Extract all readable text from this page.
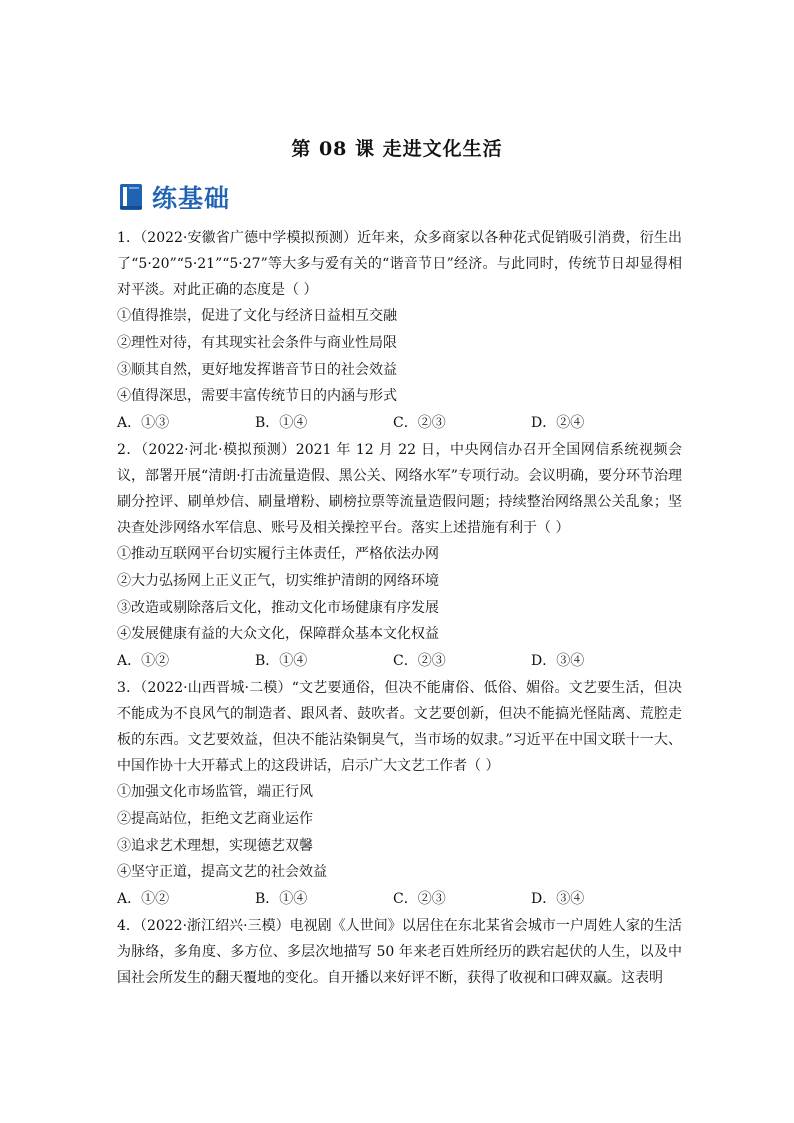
第 08 课 走进文化生活
练基础

1．（2022·安徽省广德中学模拟预测）近年来，众多商家以各种花式促销吸引消费，衍生出了“5·20”“5·21”“5·27”等大多与爱有关的“谐音节日”经济。与此同时，传统节日却显得相对平淡。对此正确的态度是（ ）

①值得推崇，促进了文化与经济日益相互交融

②理性对待，有其现实社会条件与商业性局限

③顺其自然，更好地发挥谐音节日的社会效益

④值得深思，需要丰富传统节日的内涵与形式

A．①③	B．①④	C．②③	D．②④

2．（2022·河北·模拟预测）2021 年 12 月 22 日，中央网信办召开全国网信系统视频会议，部署开展“清朗·打击流量造假、黑公关、网络水军”专项行动。会议明确，要分环节治理刷分控评、刷单炒信、刷量增粉、刷榜拉票等流量造假问题；持续整治网络黑公关乱象；坚决查处涉网络水军信息、账号及相关操控平台。落实上述措施有利于（ ）

①推动互联网平台切实履行主体责任，严格依法办网

②大力弘扬网上正义正气，切实维护清朗的网络环境

③改造或剔除落后文化，推动文化市场健康有序发展

④发展健康有益的大众文化，保障群众基本文化权益

A．①②	B．①④	C．②③	D．③④

3．（2022·山西晋城·二模）“文艺要通俗，但决不能庸俗、低俗、媚俗。文艺要生活，但决不能成为不良风气的制造者、跟风者、鼓吹者。文艺要创新，但决不能搞光怪陆离、荒腔走板的东西。文艺要效益，但决不能沾染铜臭气，当市场的奴隶。”习近平在中国文联十一大、中国作协十大开幕式上的这段讲话，启示广大文艺工作者（ ）

①加强文化市场监管，端正行风

②提高站位，拒绝文艺商业运作

③追求艺术理想，实现德艺双馨

④坚守正道，提高文艺的社会效益

A．①②	B．①④	C．②③	D．③④

4．（2022·浙江绍兴·三模）电视剧《人世间》以居住在东北某省会城市一户周姓人家的生活为脉络，多角度、多方位、多层次地描写 50 年来老百姓所经历的跌宕起伏的人生，以及中国社会所发生的翻天覆地的变化。自开播以来好评不断，获得了收视和口碑双赢。这表明
